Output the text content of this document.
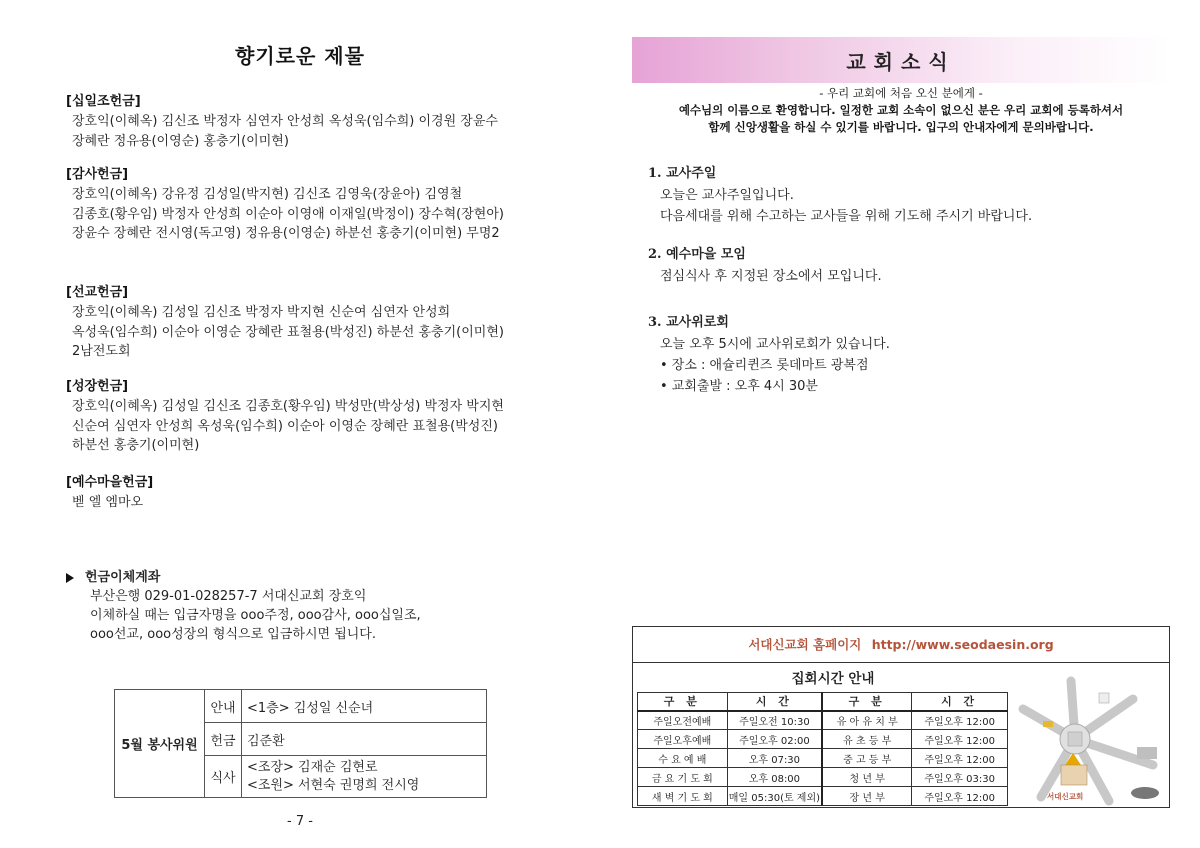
향기로운 제물
[십일조헌금]
장호익(이혜옥) 김신조 박정자 심연자 안성희 옥성욱(임수희) 이경원 장윤수
장혜란 정유용(이영순) 홍충기(이미현)
[감사헌금]
장호익(이혜옥) 강유정 김성일(박지현) 김신조 김영욱(장윤아) 김영철
김종호(황우임) 박정자 안성희 이순아 이영애 이재일(박정이) 장수혁(장현아)
장윤수 장혜란 전시영(독고영) 정유용(이영순) 하분선 홍충기(이미현) 무명2
[선교헌금]
장호익(이혜옥) 김성일 김신조 박정자 박지현 신순여 심연자 안성희
옥성욱(임수희) 이순아 이영순 장혜란 표철용(박성진) 하분선 홍충기(이미현)
2남전도회
[성장헌금]
장호익(이혜옥) 김성일 김신조 김종호(황우임) 박성만(박상성) 박정자 박지현
신순여 심연자 안성희 옥성욱(임수희) 이순아 이영순 장혜란 표철용(박성진)
하분선 홍충기(이미현)
[예수마을헌금]
벧 엘 엠마오
헌금이체계좌
부산은행 029-01-028257-7 서대신교회 장호익
이체하실 때는 입금자명을 ooo주정, ooo감사, ooo십일조,
ooo선교, ooo성장의 형식으로 입금하시면 됩니다.
5월 봉사위원	안내	<1층> 김성일 신순녀
	헌금	김준환
	식사	<조장> 김재순 김현로
<조원> 서현숙 권명희 전시영
- 7 -
교회소식
- 우리 교회에 처음 오신 분에게 -
예수님의 이름으로 환영합니다. 일정한 교회 소속이 없으신 분은 우리 교회에 등록하셔서
함께 신앙생활을 하실 수 있기를 바랍니다. 입구의 안내자에게 문의바랍니다.
1. 교사주일
오늘은 교사주일입니다.
다음세대를 위해 수고하는 교사들을 위해 기도해 주시기 바랍니다.
2. 예수마을 모임
점심식사 후 지정된 장소에서 모입니다.
3. 교사위로회
오늘 오후 5시에 교사위로회가 있습니다.
• 장소 : 애슐리퀸즈 롯데마트 광복점
• 교회출발 : 오후 4시 30분
서대신교회 홈페이지 http://www.seodaesin.org
집회시간 안내
구 분	시 간	구 분	시 간
주일오전예배	주일오전 10:30	유 아 유 치 부	주일오후 12:00
주일오후예배	주일오후 02:00	유 초 등 부	주일오후 12:00
수 요 예 배	오후 07:30	중 고 등 부	주일오후 12:00
금 요 기 도 회	오후 08:00	청 년 부	주일오후 03:30
새 벽 기 도 회	매일 05:30(토 제외)	장 년 부	주일오후 12:00	서대신교회
